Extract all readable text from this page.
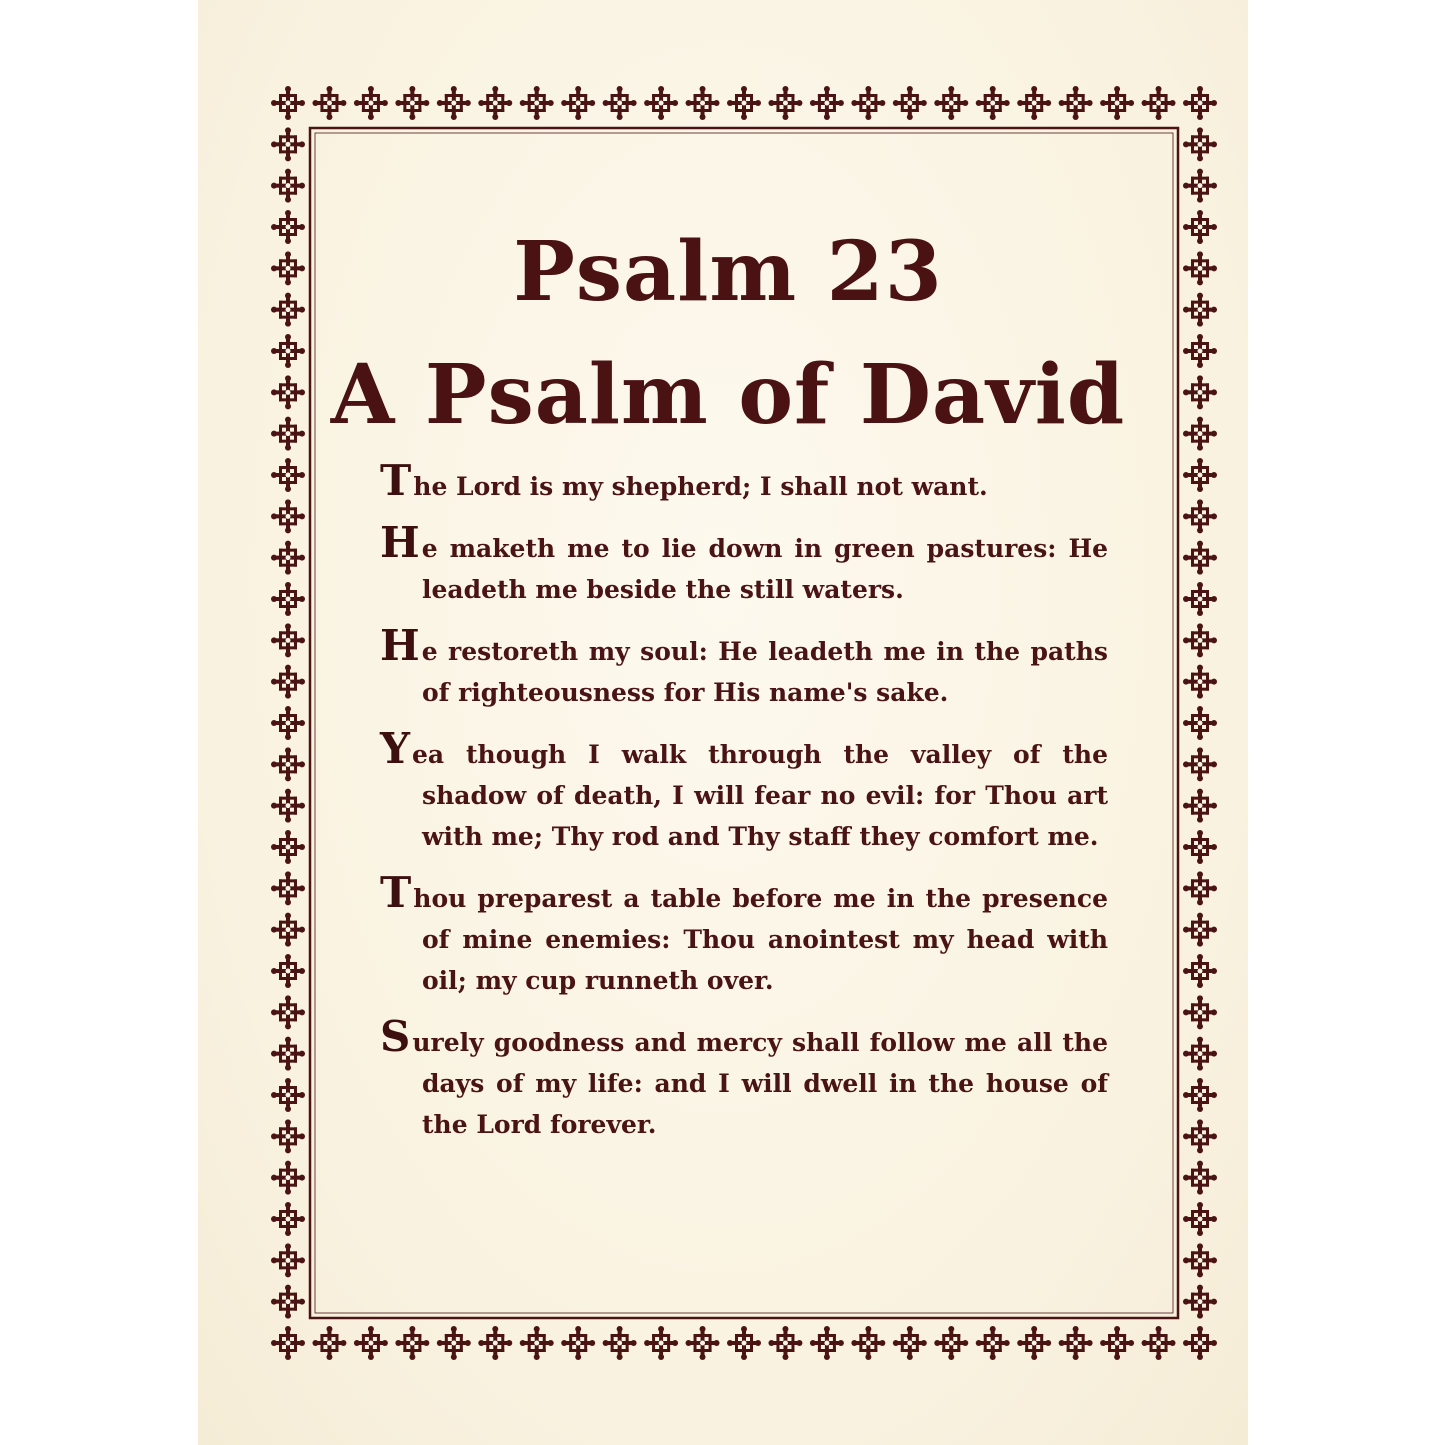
Psalm 23
A Psalm of David

The Lord is my shepherd; I shall not want.

He maketh me to lie down in green pastures: He leadeth me beside the still waters.

He restoreth my soul: He leadeth me in the paths of righteousness for His name's sake.

Yea though I walk through the valley of the shadow of death, I will fear no evil: for Thou art with me; Thy rod and Thy staff they comfort me.

Thou preparest a table before me in the presence of mine enemies: Thou anointest my head with oil; my cup runneth over.

Surely goodness and mercy shall follow me all the days of my life: and I will dwell in the house of the Lord forever.
